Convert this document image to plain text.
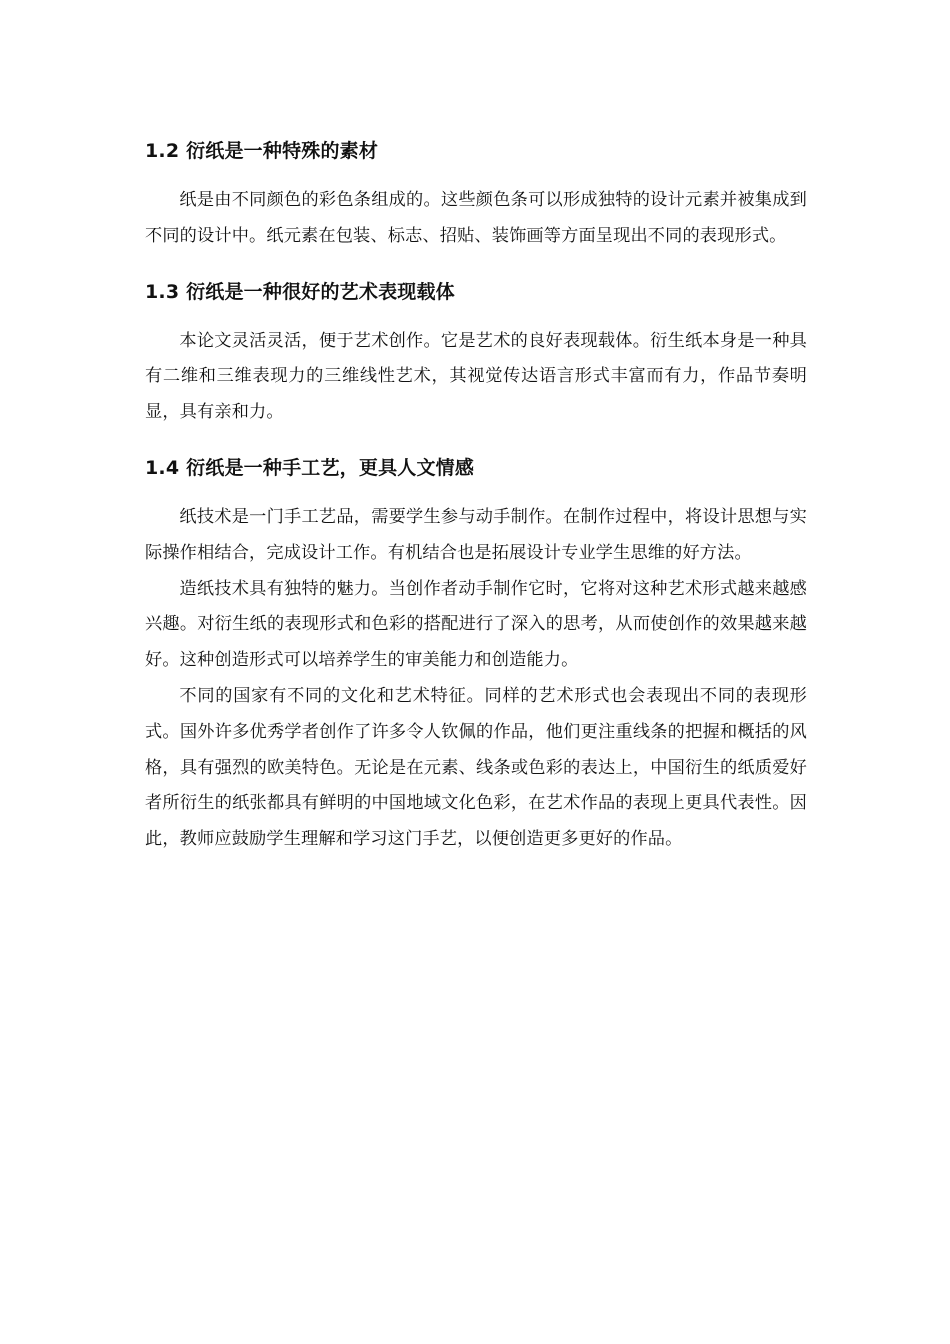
1.2 衍纸是一种特殊的素材

纸是由不同颜色的彩色条组成的。这些颜色条可以形成独特的设计元素并被集成到不同的设计中。纸元素在包装、标志、招贴、装饰画等方面呈现出不同的表现形式。

1.3 衍纸是一种很好的艺术表现载体

本论文灵活灵活，便于艺术创作。它是艺术的良好表现载体。衍生纸本身是一种具有二维和三维表现力的三维线性艺术，其视觉传达语言形式丰富而有力，作品节奏明显，具有亲和力。

1.4 衍纸是一种手工艺，更具人文情感

纸技术是一门手工艺品，需要学生参与动手制作。在制作过程中，将设计思想与实际操作相结合，完成设计工作。有机结合也是拓展设计专业学生思维的好方法。

造纸技术具有独特的魅力。当创作者动手制作它时，它将对这种艺术形式越来越感兴趣。对衍生纸的表现形式和色彩的搭配进行了深入的思考，从而使创作的效果越来越好。这种创造形式可以培养学生的审美能力和创造能力。

不同的国家有不同的文化和艺术特征。同样的艺术形式也会表现出不同的表现形式。国外许多优秀学者创作了许多令人钦佩的作品，他们更注重线条的把握和概括的风格，具有强烈的欧美特色。无论是在元素、线条或色彩的表达上，中国衍生的纸质爱好者所衍生的纸张都具有鲜明的中国地域文化色彩，在艺术作品的表现上更具代表性。因此，教师应鼓励学生理解和学习这门手艺，以便创造更多更好的作品。
